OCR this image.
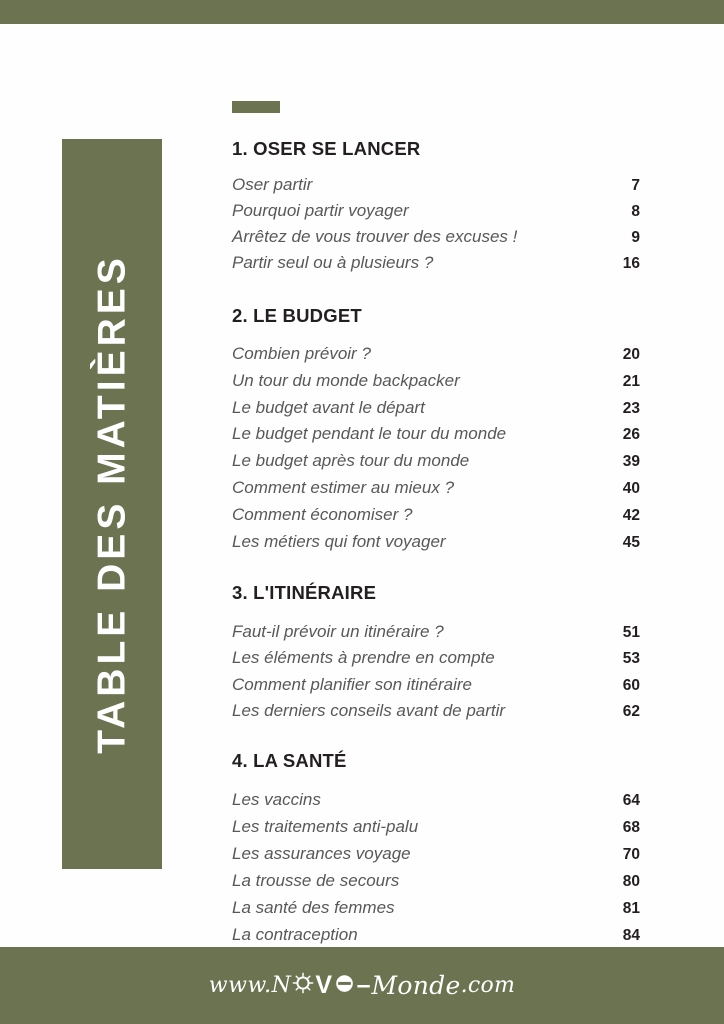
TABLE DES MATIÈRES
1. OSER SE LANCER
Oser partir	7
Pourquoi partir voyager	8
Arrêtez de vous trouver des excuses !	9
Partir seul ou à plusieurs ?	16
2. LE BUDGET
Combien prévoir ?	20
Un tour du monde backpacker	21
Le budget avant le départ	23
Le budget pendant le tour du monde	26
Le budget après tour du monde	39
Comment estimer au mieux ?	40
Comment économiser ?	42
Les métiers qui font voyager	45
3. L'ITINÉRAIRE
Faut-il prévoir un itinéraire ?	51
Les éléments à prendre en compte	53
Comment planifier son itinéraire	60
Les derniers conseils avant de partir	62
4. LA SANTÉ
Les vaccins	64
Les traitements anti-palu	68
Les assurances voyage	70
La trousse de secours	80
La santé des femmes	81
La contraception	84
www.N V – Monde .com
